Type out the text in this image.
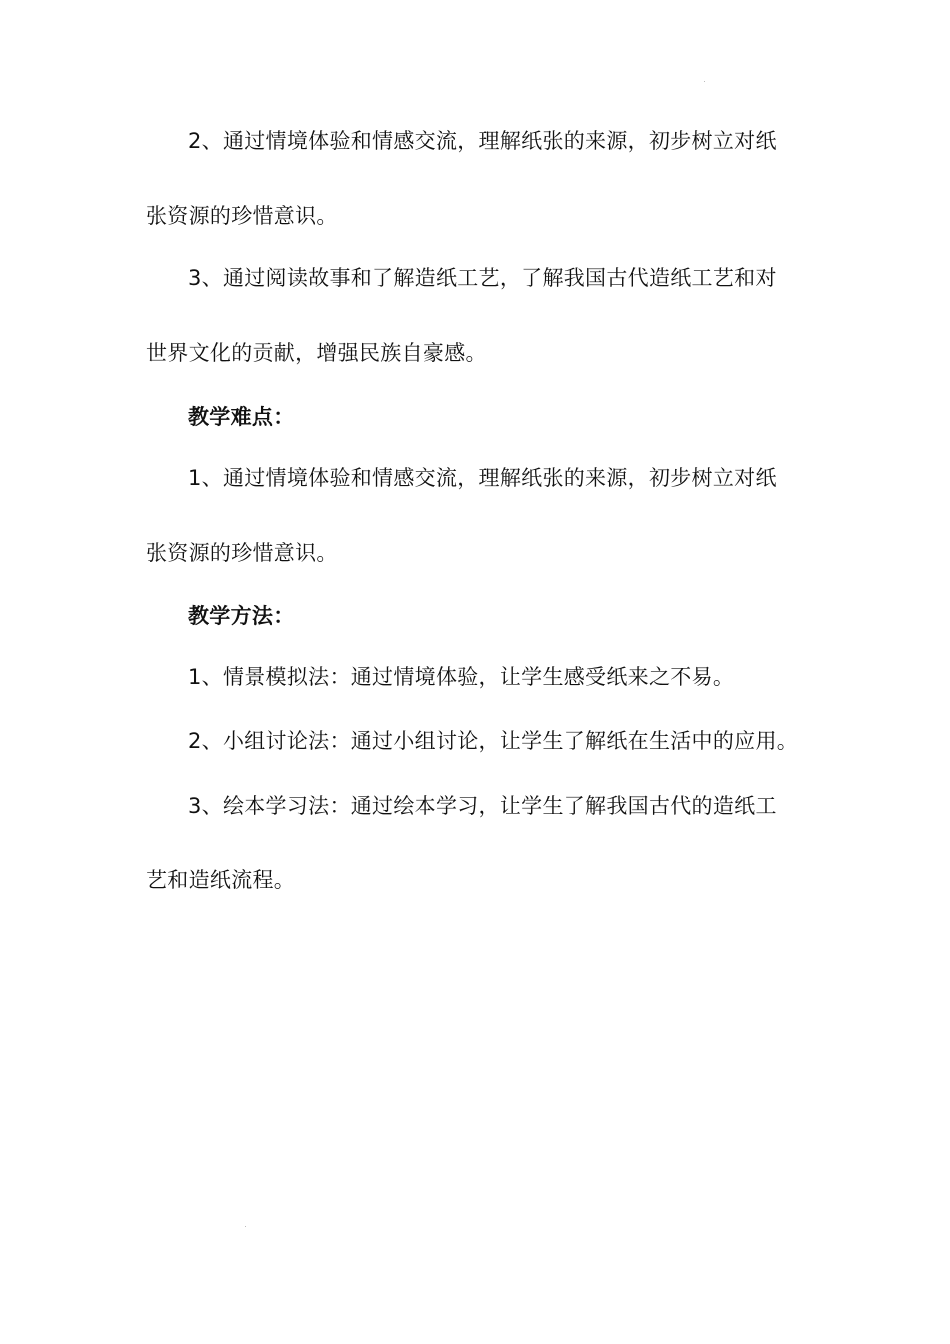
2、通过情境体验和情感交流，理解纸张的来源，初步树立对纸
张资源的珍惜意识。
3、通过阅读故事和了解造纸工艺，了解我国古代造纸工艺和对
世界文化的贡献，增强民族自豪感。
教学难点：
1、通过情境体验和情感交流，理解纸张的来源，初步树立对纸
张资源的珍惜意识。
教学方法：
1、情景模拟法：通过情境体验，让学生感受纸来之不易。
2、小组讨论法：通过小组讨论，让学生了解纸在生活中的应用。
3、绘本学习法：通过绘本学习，让学生了解我国古代的造纸工
艺和造纸流程。
